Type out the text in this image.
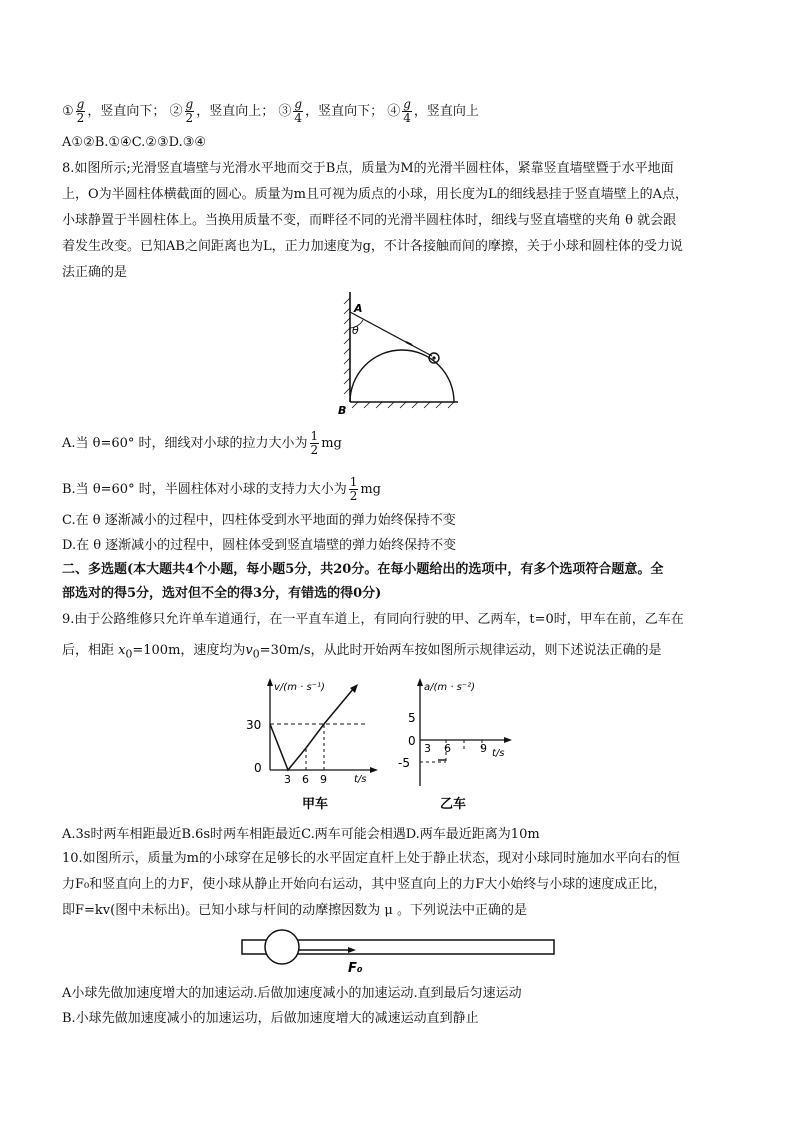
① $\frac{g}{2}$ ，竖直向下； ② $\frac{g}{2}$ ，竖直向上； ③ $\frac{g}{4}$ ，竖直向下； ④ $\frac{g}{4}$ ，竖直向上
A①②B.①④C.②③D.③④
8.如图所示;光滑竖直墙壁与光滑水平地而交于B点，质量为M的光滑半圆柱体，紧靠竖直墙壁暨于水平地面
上，O为半圆柱体横截面的圆心。质量为m且可视为质点的小球，用长度为L的细线悬挂于竖直墙壁上的A点，
小球静置于半圆柱体上。当换用质量不变，而畔径不同的光滑半圆柱体时，细线与竖直墙壁的夹角 θ 就会跟
着发生改变。已知AB之间距离也为L，正力加速度为g，不计各接触而间的摩擦，关于小球和圆柱体的受力说
法正确的是
A
θ
B
A.当 θ=60° 时，细线对小球的拉力大小为 $\frac{1}{2}$ mg
B.当 θ=60° 时，半圆柱体对小球的支持力大小为 $\frac{1}{2}$ mg
C.在 θ 逐渐减小的过程中，四柱体受到水平地面的弹力始终保持不变
D.在 θ 逐渐减小的过程中，圆柱体受到竖直墙壁的弹力始终保持不变
二、多选题(本大题共4个小题，每小题5分，共20分。在每小题给出的选项中，有多个选项符合题意。全
部选对的得5分，选对但不全的得3分，有错选的得0分)
9.由于公路维修只允许单车道通行，在一平直车道上，有同向行驶的甲、乙两车，t=0时，甲车在前，乙车在
后，相距 $x_0=100m$，速度均为$v_0=30m/s$，从此时开始两车按如图所示规律运动，则下述说法正确的是
v/(m · s⁻¹)
30
0
3 6 9	t/s
甲车
a/(m · s⁻²)
5
0
-5
3 6	9 t/s
乙车
A.3s时两车相距最近B.6s时两车相距最近C.两车可能会相遇D.两车最近距离为10m
10.如图所示，质量为m的小球穿在足够长的水平固定直杆上处于静止状态，现对小球同时施加水平向右的恒
力F₀和竖直向上的力F，使小球从静止开始向右运动，其中竖直向上的力F大小始终与小球的速度成正比，
即F=kv(图中未标出)。已知小球与杆间的动摩擦因数为 μ 。下列说法中正确的是
F₀
A小球先做加速度增大的加速运动.后做加速度减小的加速运动.直到最后匀速运动
B.小球先做加速度减小的加速运功，后做加速度增大的减速运动直到静止
